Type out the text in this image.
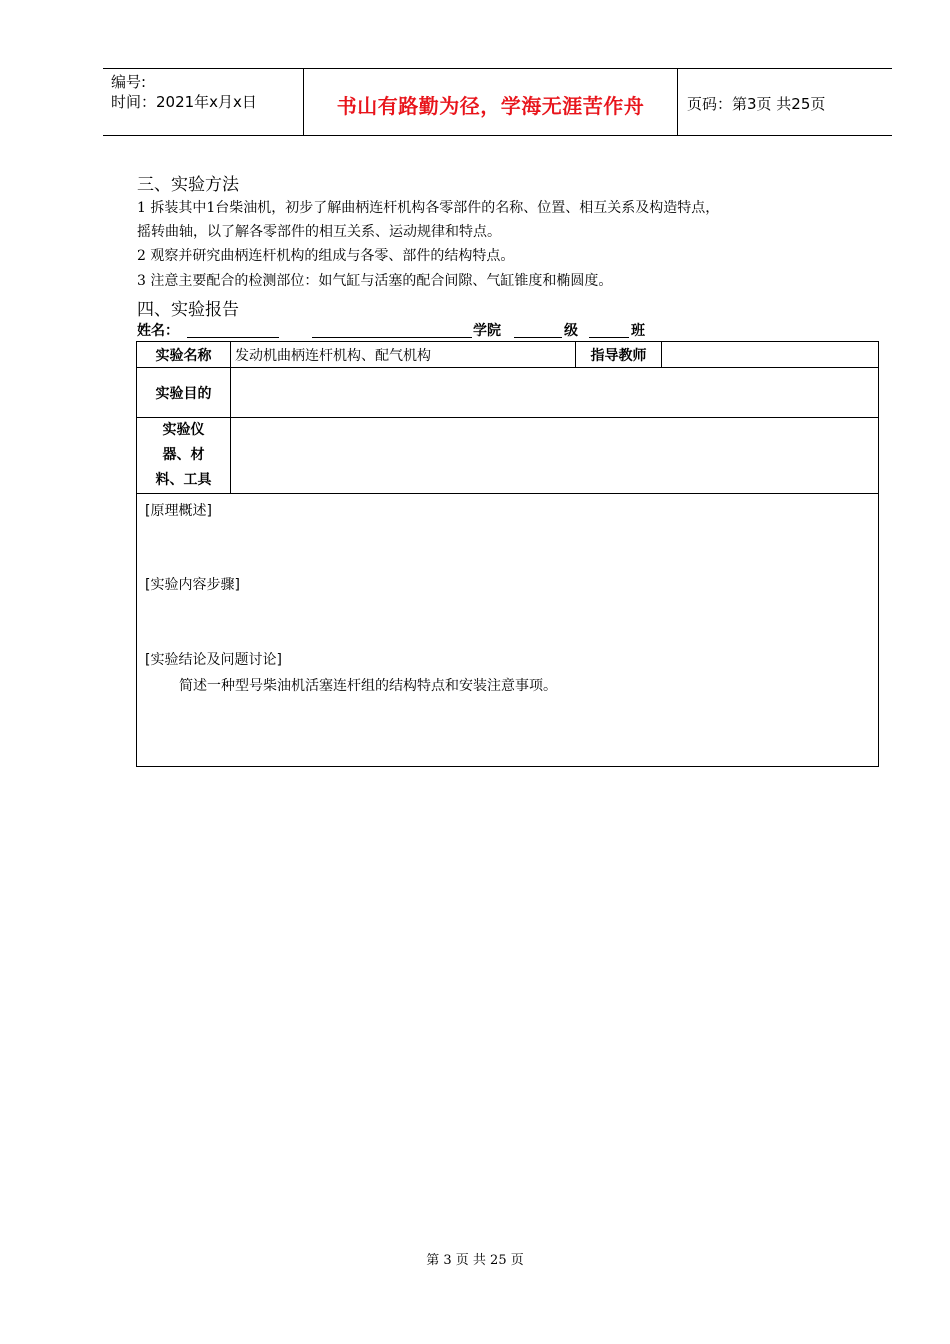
编号:
时间：2021年x月x日	书山有路勤为径，学海无涯苦作舟	页码：第3页 共25页
三、实验方法
1 拆装其中1台柴油机，初步了解曲柄连杆机构各零部件的名称、位置、相互关系及构造特点，
摇转曲轴，以了解各零部件的相互关系、运动规律和特点。
2 观察并研究曲柄连杆机构的组成与各零、部件的结构特点。
3 注意主要配合的检测部位：如气缸与活塞的配合间隙、气缸锥度和椭圆度。
四、实验报告
姓名：	学院	级	班
实验名称	发动机曲柄连杆机构、配气机构	指导教师	
实验目的			

实验仪
器、材
料、工具			

[原理概述]
[实验内容步骤]
[实验结论及问题讨论]
简述一种型号柴油机活塞连杆组的结构特点和安装注意事项。			
第 3 页 共 25 页
